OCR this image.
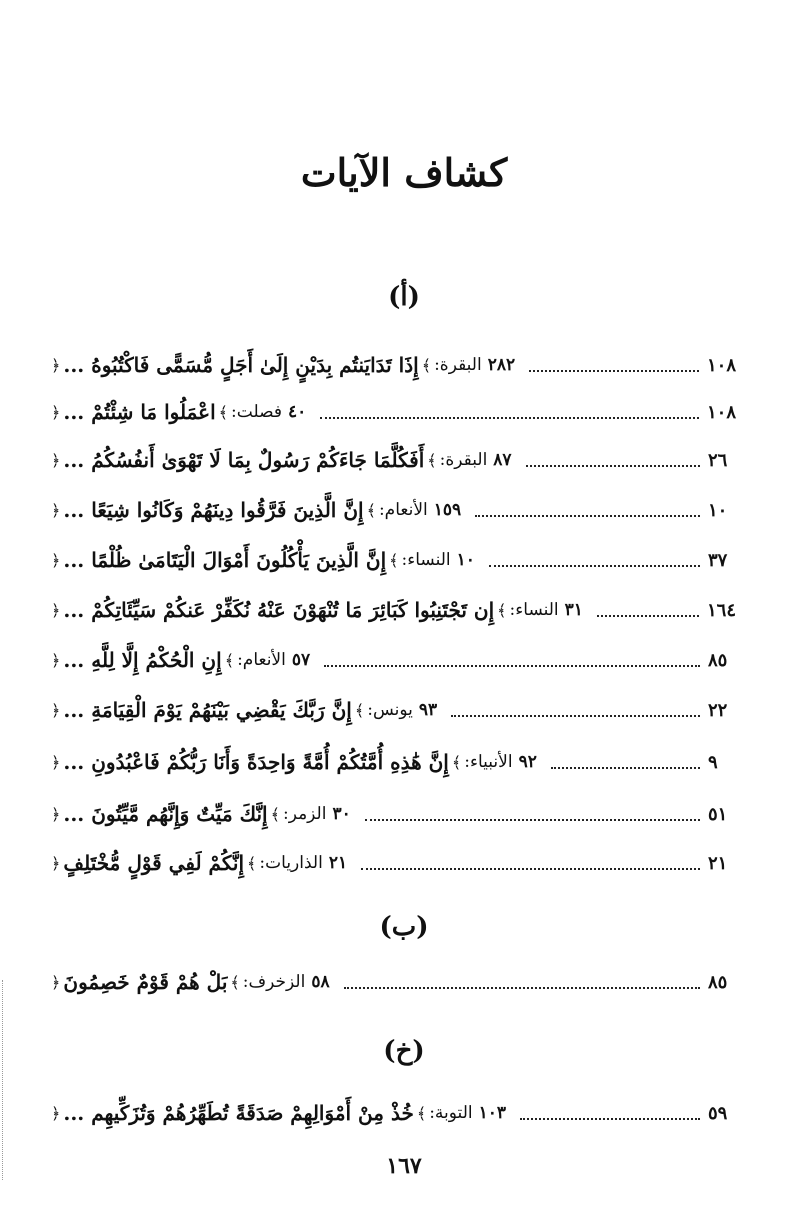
كشاف الآيات
(أ)
﴿ إِذَا تَدَايَنتُم بِدَيْنٍ إِلَىٰ أَجَلٍ مُّسَمًّى فَاكْتُبُوهُ ... ﴾ البقرة: ٢٨٢	١٠٨
﴿ اعْمَلُوا مَا شِئْتُمْ ... ﴾ فصلت: ٤٠	١٠٨
﴿ أَفَكُلَّمَا جَاءَكُمْ رَسُولٌ بِمَا لَا تَهْوَىٰ أَنفُسُكُمُ ... ﴾ البقرة: ٨٧	٢٦
﴿ إِنَّ الَّذِينَ فَرَّقُوا دِينَهُمْ وَكَانُوا شِيَعًا ... ﴾ الأنعام: ١٥٩	١٠
﴿ إِنَّ الَّذِينَ يَأْكُلُونَ أَمْوَالَ الْيَتَامَىٰ ظُلْمًا ... ﴾ النساء: ١٠	٣٧
﴿ إِن تَجْتَنِبُوا كَبَائِرَ مَا تُنْهَوْنَ عَنْهُ نُكَفِّرْ عَنكُمْ سَيِّئَاتِكُمْ ... ﴾ النساء: ٣١	١٦٤
﴿ إِنِ الْحُكْمُ إِلَّا لِلَّهِ ... ﴾ الأنعام: ٥٧	٨٥
﴿ إِنَّ رَبَّكَ يَقْضِي بَيْنَهُمْ يَوْمَ الْقِيَامَةِ ... ﴾ يونس: ٩٣	٢٢
﴿ إِنَّ هَٰذِهِ أُمَّتُكُمْ أُمَّةً وَاحِدَةً وَأَنَا رَبُّكُمْ فَاعْبُدُونِ ... ﴾ الأنبياء: ٩٢	٩
﴿ إِنَّكَ مَيِّتٌ وَإِنَّهُم مَّيِّتُونَ ... ﴾ الزمر: ٣٠	٥١
﴿ إِنَّكُمْ لَفِي قَوْلٍ مُّخْتَلِفٍ ﴾ الذاريات: ٢١	٢١
(ب)
﴿ بَلْ هُمْ قَوْمٌ خَصِمُونَ ﴾ الزخرف: ٥٨	٨٥
(خ)
﴿ خُذْ مِنْ أَمْوَالِهِمْ صَدَقَةً تُطَهِّرُهُمْ وَتُزَكِّيهِم ... ﴾ التوبة: ١٠٣	٥٩
١٦٧
